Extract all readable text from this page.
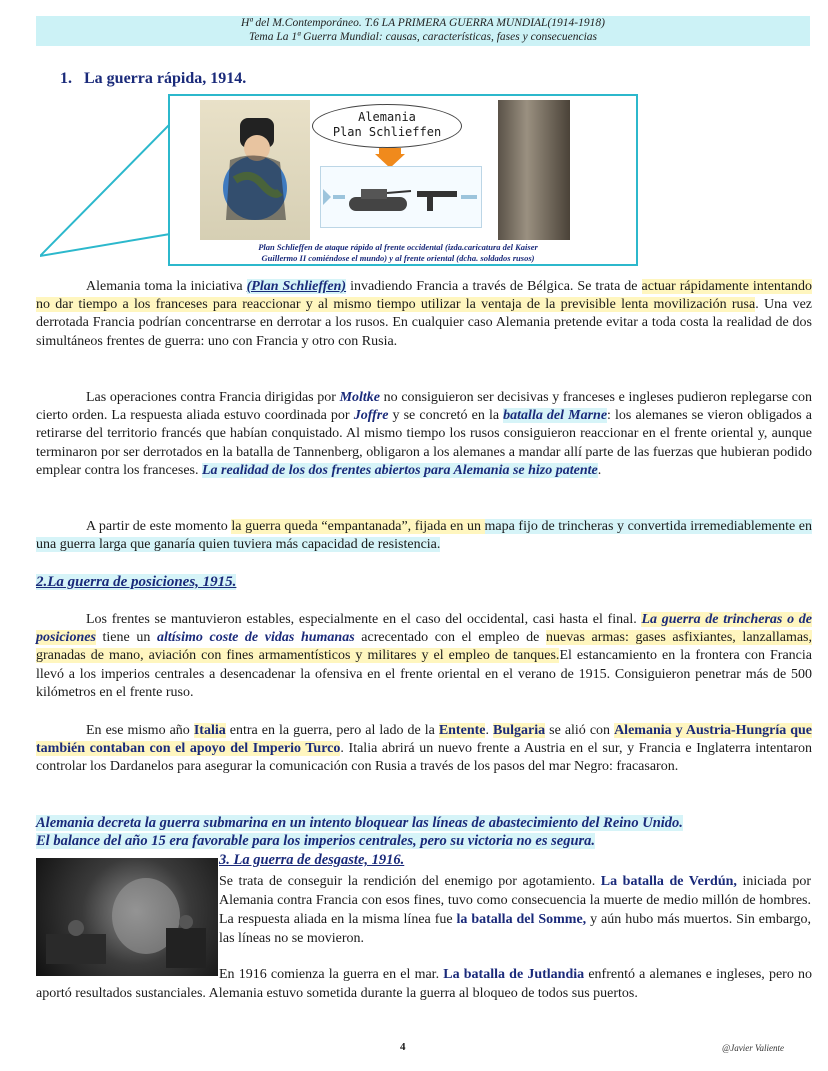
Hª del M.Contemporáneo. T.6 LA PRIMERA GUERRA MUNDIAL(1914-1918)
Tema La 1ª Guerra Mundial: causas, características, fases y consecuencias
1. La guerra rápida, 1914.
Alemania
Plan Schlieffen
Plan Schlieffen de ataque rápido al frente occidental (izda.caricatura del Kaiser
Guillermo II comiéndose el mundo) y al frente oriental (dcha. soldados rusos)
Alemania toma la iniciativa (Plan Schlieffen) invadiendo Francia a través de Bélgica. Se trata de actuar rápidamente intentando no dar tiempo a los franceses para reaccionar y al mismo tiempo utilizar la ventaja de la previsible lenta movilización rusa. Una vez derrotada Francia podrían concentrarse en derrotar a los rusos. En cualquier caso Alemania pretende evitar a toda costa la realidad de dos simultáneos frentes de guerra: uno con Francia y otro con Rusia.
Las operaciones contra Francia dirigidas por Moltke no consiguieron ser decisivas y franceses e ingleses pudieron replegarse con cierto orden. La respuesta aliada estuvo coordinada por Joffre y se concretó en la batalla del Marne: los alemanes se vieron obligados a retirarse del territorio francés que habían conquistado. Al mismo tiempo los rusos consiguieron reaccionar en el frente oriental y, aunque terminaron por ser derrotados en la batalla de Tannenberg, obligaron a los alemanes a mandar allí parte de las fuerzas que hubieran podido emplear contra los franceses. La realidad de los dos frentes abiertos para Alemania se hizo patente.
A partir de este momento la guerra queda “empantanada”, fijada en un mapa fijo de trincheras y convertida irremediablemente en una guerra larga que ganaría quien tuviera más capacidad de resistencia.
2.La guerra de posiciones, 1915.
Los frentes se mantuvieron estables, especialmente en el caso del occidental, casi hasta el final. La guerra de trincheras o de posiciones tiene un altísimo coste de vidas humanas acrecentado con el empleo de nuevas armas: gases asfixiantes, lanzallamas, granadas de mano, aviación con fines armamentísticos y militares y el empleo de tanques.El estancamiento en la frontera con Francia llevó a los imperios centrales a desencadenar la ofensiva en el frente oriental en el verano de 1915. Consiguieron penetrar más de 500 kilómetros en el frente ruso.
En ese mismo año Italia entra en la guerra, pero al lado de la Entente. Bulgaria se alió con Alemania y Austria-Hungría que también contaban con el apoyo del Imperio Turco. Italia abrirá un nuevo frente a Austria en el sur, y Francia e Inglaterra intentaron controlar los Dardanelos para asegurar la comunicación con Rusia a través de los pasos del mar Negro: fracasaron.
Alemania decreta la guerra submarina en un intento bloquear las líneas de abastecimiento del Reino Unido.
El balance del año 15 era favorable para los imperios centrales, pero su victoria no es segura.
3. La guerra de desgaste, 1916.
Se trata de conseguir la rendición del enemigo por agotamiento. La batalla de Verdún, iniciada por Alemania contra Francia con esos fines, tuvo como consecuencia la muerte de medio millón de hombres. La respuesta aliada en la misma línea fue la batalla del Somme, y aún hubo más muertos. Sin embargo, las líneas no se movieron.
En 1916 comienza la guerra en el mar. La batalla de Jutlandia enfrentó a alemanes e ingleses, pero no aportó resultados sustanciales. Alemania estuvo sometida durante la guerra al bloqueo de todos sus puertos.
4	@Javier Valiente
